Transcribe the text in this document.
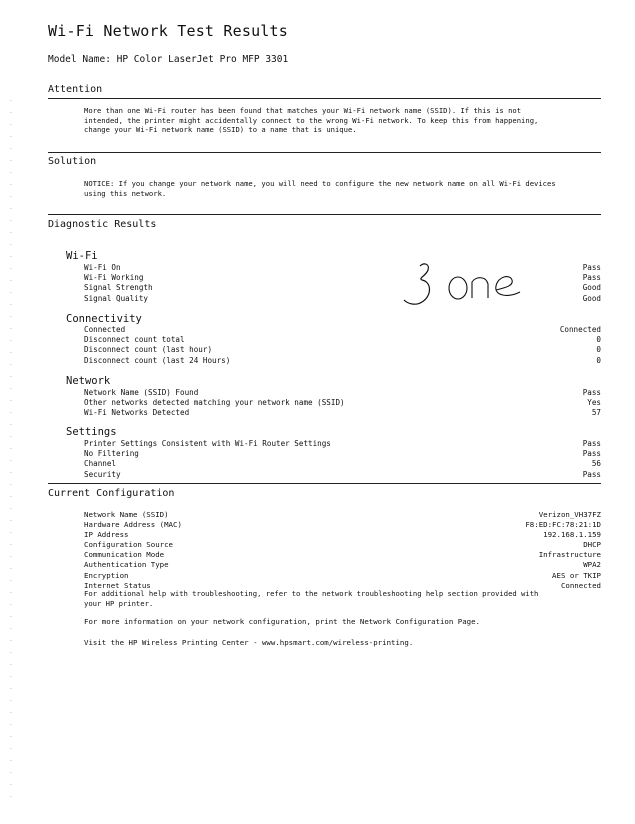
Wi-Fi Network Test Results
Model Name: HP Color LaserJet Pro MFP 3301
Attention
More than one Wi-Fi router has been found that matches your Wi-Fi network name (SSID). If this is not intended, the printer might accidentally connect to the wrong Wi-Fi network. To keep this from happening, change your Wi-Fi network name (SSID) to a name that is unique.
Solution
NOTICE: If you change your network name, you will need to configure the new network name on all Wi-Fi devices using this network.
Diagnostic Results
Wi-Fi
Wi-Fi On	Pass
Wi-Fi Working	Pass
Signal Strength	Good
Signal Quality	Good
Connectivity
Connected	Connected
Disconnect count total	0
Disconnect count (last hour)	0
Disconnect count (last 24 Hours)	0
Network
Network Name (SSID) Found	Pass
Other networks detected matching your network name (SSID)	Yes
Wi-Fi Networks Detected	57
Settings
Printer Settings Consistent with Wi-Fi Router Settings	Pass
No Filtering	Pass
Channel	56
Security	Pass
Current Configuration
Network Name (SSID)	Verizon_VH37FZ
Hardware Address (MAC)	F8:ED:FC:78:21:1D
IP Address	192.168.1.159
Configuration Source	DHCP
Communication Mode	Infrastructure
Authentication Type	WPA2
Encryption	AES or TKIP
Internet Status	Connected
For additional help with troubleshooting, refer to the network troubleshooting help section provided with your HP printer.
For more information on your network configuration, print the Network Configuration Page.
Visit the HP Wireless Printing Center - www.hpsmart.com/wireless-printing.
